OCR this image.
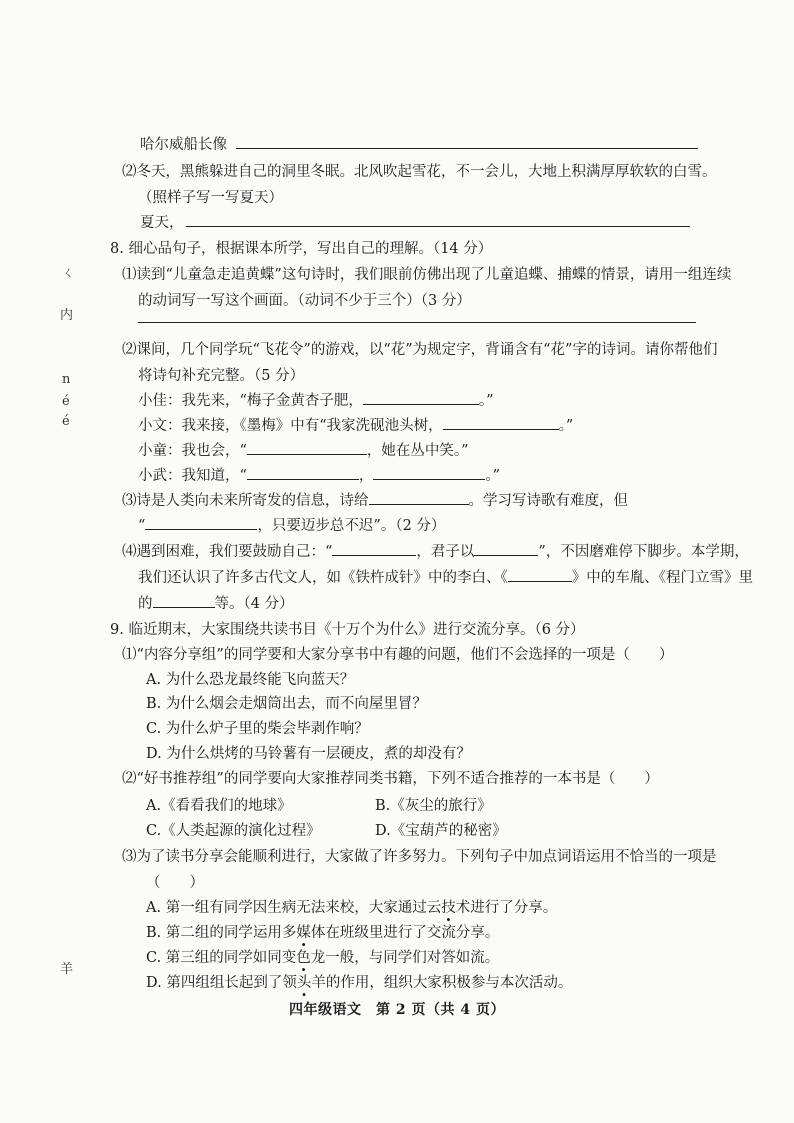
ㄑ
内
n
é
é
羊
哈尔威船长像
⑵冬天，黑熊躲进自己的洞里冬眠。北风吹起雪花，不一会儿，大地上积满厚厚软软的白雪。
（照样子写一写夏天）
夏天，
8. 细心品句子，根据课本所学，写出自己的理解。（14 分）
⑴读到“儿童急走追黄蝶”这句诗时，我们眼前仿佛出现了儿童追蝶、捕蝶的情景，请用一组连续
的动词写一写这个画面。（动词不少于三个）（3 分）
⑵课间，几个同学玩“飞花令”的游戏，以“花”为规定字，背诵含有“花”字的诗词。请你帮他们
将诗句补充完整。（5 分）
小佳：我先来，“梅子金黄杏子肥，	。”
小文：我来接，《墨梅》中有“我家洗砚池头树，	。”
小童：我也会，“	，她在丛中笑。”
小武：我知道，“	，	。”
⑶诗是人类向未来所寄发的信息，诗给	。学习写诗歌有难度，但
“	，只要迈步总不迟”。（2 分）
⑷遇到困难，我们要鼓励自己：“	，君子以	”，不因磨难停下脚步。本学期，
我们还认识了许多古代文人，如《铁杵成针》中的李白、《	》中的车胤、《程门立雪》里
的	等。（4 分）
9. 临近期末，大家围绕共读书目《十万个为什么》进行交流分享。（6 分）
⑴“内容分享组”的同学要和大家分享书中有趣的问题，他们不会选择的一项是（　　）
A. 为什么恐龙最终能飞向蓝天？
B. 为什么烟会走烟筒出去，而不向屋里冒？
C. 为什么炉子里的柴会毕剥作响？
D. 为什么烘烤的马铃薯有一层硬皮，煮的却没有？
⑵“好书推荐组”的同学要向大家推荐同类书籍，下列不适合推荐的一本书是（　　）
A.《看看我们的地球》	B.《灰尘的旅行》
C.《人类起源的演化过程》	D.《宝葫芦的秘密》
⑶为了读书分享会能顺利进行，大家做了许多努力。下列句子中加点词语运用不恰当的一项是
（　　）
A. 第一组有同学因生病无法来校，大家通过云技术进行了分享。
B. 第二组的同学运用多媒体在班级里进行了交流分享。
C. 第三组的同学如同变色龙一般，与同学们对答如流。
D. 第四组组长起到了领头羊的作用，组织大家积极参与本次活动。
四年级语文　第 2 页（共 4 页）
